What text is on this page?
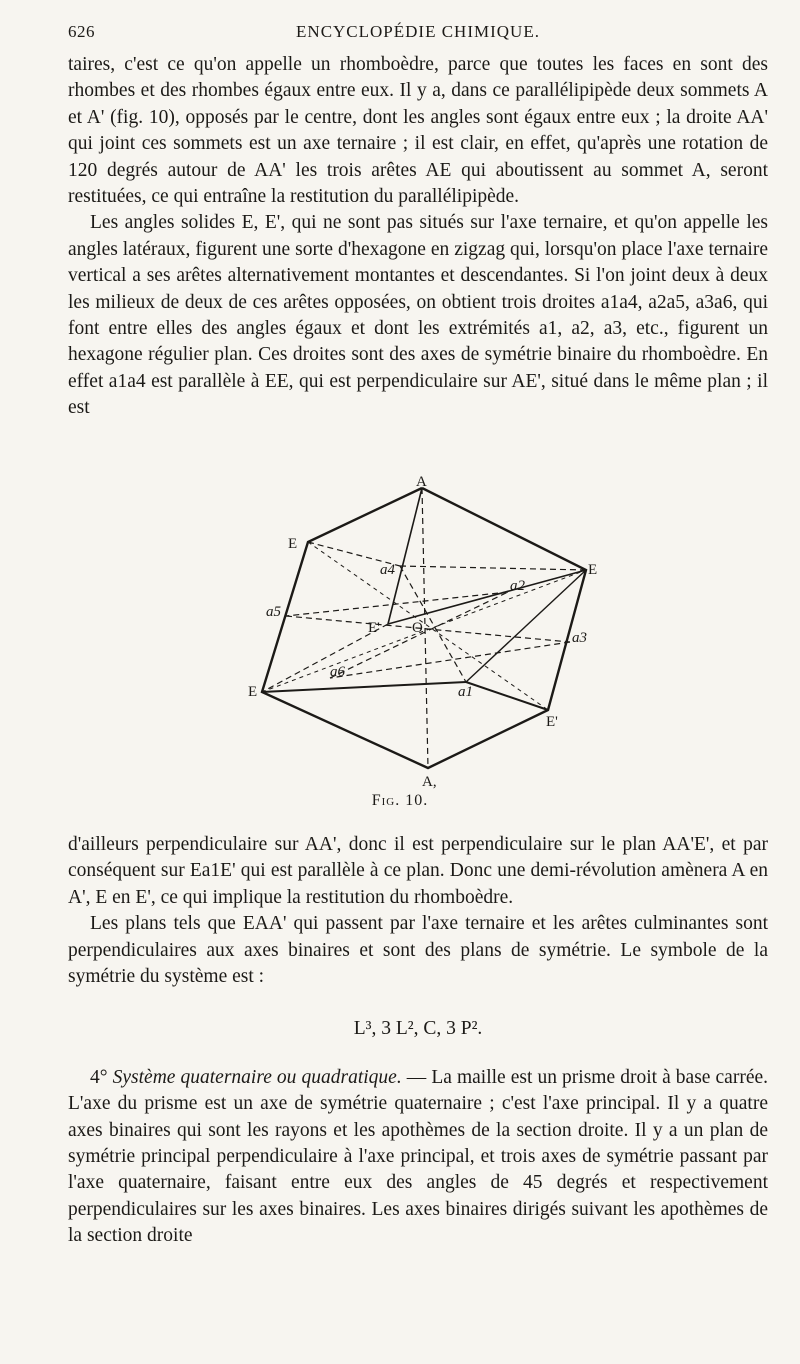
626	ENCYCLOPÉDIE CHIMIQUE.

taires, c'est ce qu'on appelle un rhomboèdre, parce que toutes les faces en sont des rhombes et des rhombes égaux entre eux. Il y a, dans ce parallélipipède deux sommets A et A' (fig. 10), opposés par le centre, dont les angles sont égaux entre eux ; la droite AA' qui joint ces sommets est un axe ternaire ; il est clair, en effet, qu'après une rotation de 120 degrés autour de AA' les trois arêtes AE qui aboutissent au sommet A, seront restituées, ce qui entraîne la restitution du parallélipipède.

Les angles solides E, E', qui ne sont pas situés sur l'axe ternaire, et qu'on appelle les angles latéraux, figurent une sorte d'hexagone en zigzag qui, lorsqu'on place l'axe ternaire vertical a ses arêtes alternativement montantes et descendantes. Si l'on joint deux à deux les milieux de deux de ces arêtes opposées, on obtient trois droites a1a4, a2a5, a3a6, qui font entre elles des angles égaux et dont les extrémités a1, a2, a3, etc., figurent un hexagone régulier plan. Ces droites sont des axes de symétrie binaire du rhomboèdre. En effet a1a4 est parallèle à EE, qui est perpendiculaire sur AE', situé dans le même plan ; il est

A
A,
E
E
E
E'
E' O
a1
a2
a3
a4
a5
a6
Fig. 10.

d'ailleurs perpendiculaire sur AA', donc il est perpendiculaire sur le plan AA'E', et par conséquent sur Ea1E' qui est parallèle à ce plan. Donc une demi-révolution amènera A en A', E en E', ce qui implique la restitution du rhomboèdre.

Les plans tels que EAA' qui passent par l'axe ternaire et les arêtes culminantes sont perpendiculaires aux axes binaires et sont des plans de symétrie. Le symbole de la symétrie du système est :

L³, 3 L², C, 3 P².

4° Système quaternaire ou quadratique. — La maille est un prisme droit à base carrée. L'axe du prisme est un axe de symétrie quaternaire ; c'est l'axe principal. Il y a quatre axes binaires qui sont les rayons et les apothèmes de la section droite. Il y a un plan de symétrie principal perpendiculaire à l'axe principal, et trois axes de symétrie passant par l'axe quaternaire, faisant entre eux des angles de 45 degrés et respectivement perpendiculaires sur les axes binaires. Les axes binaires dirigés suivant les apothèmes de la section droite
